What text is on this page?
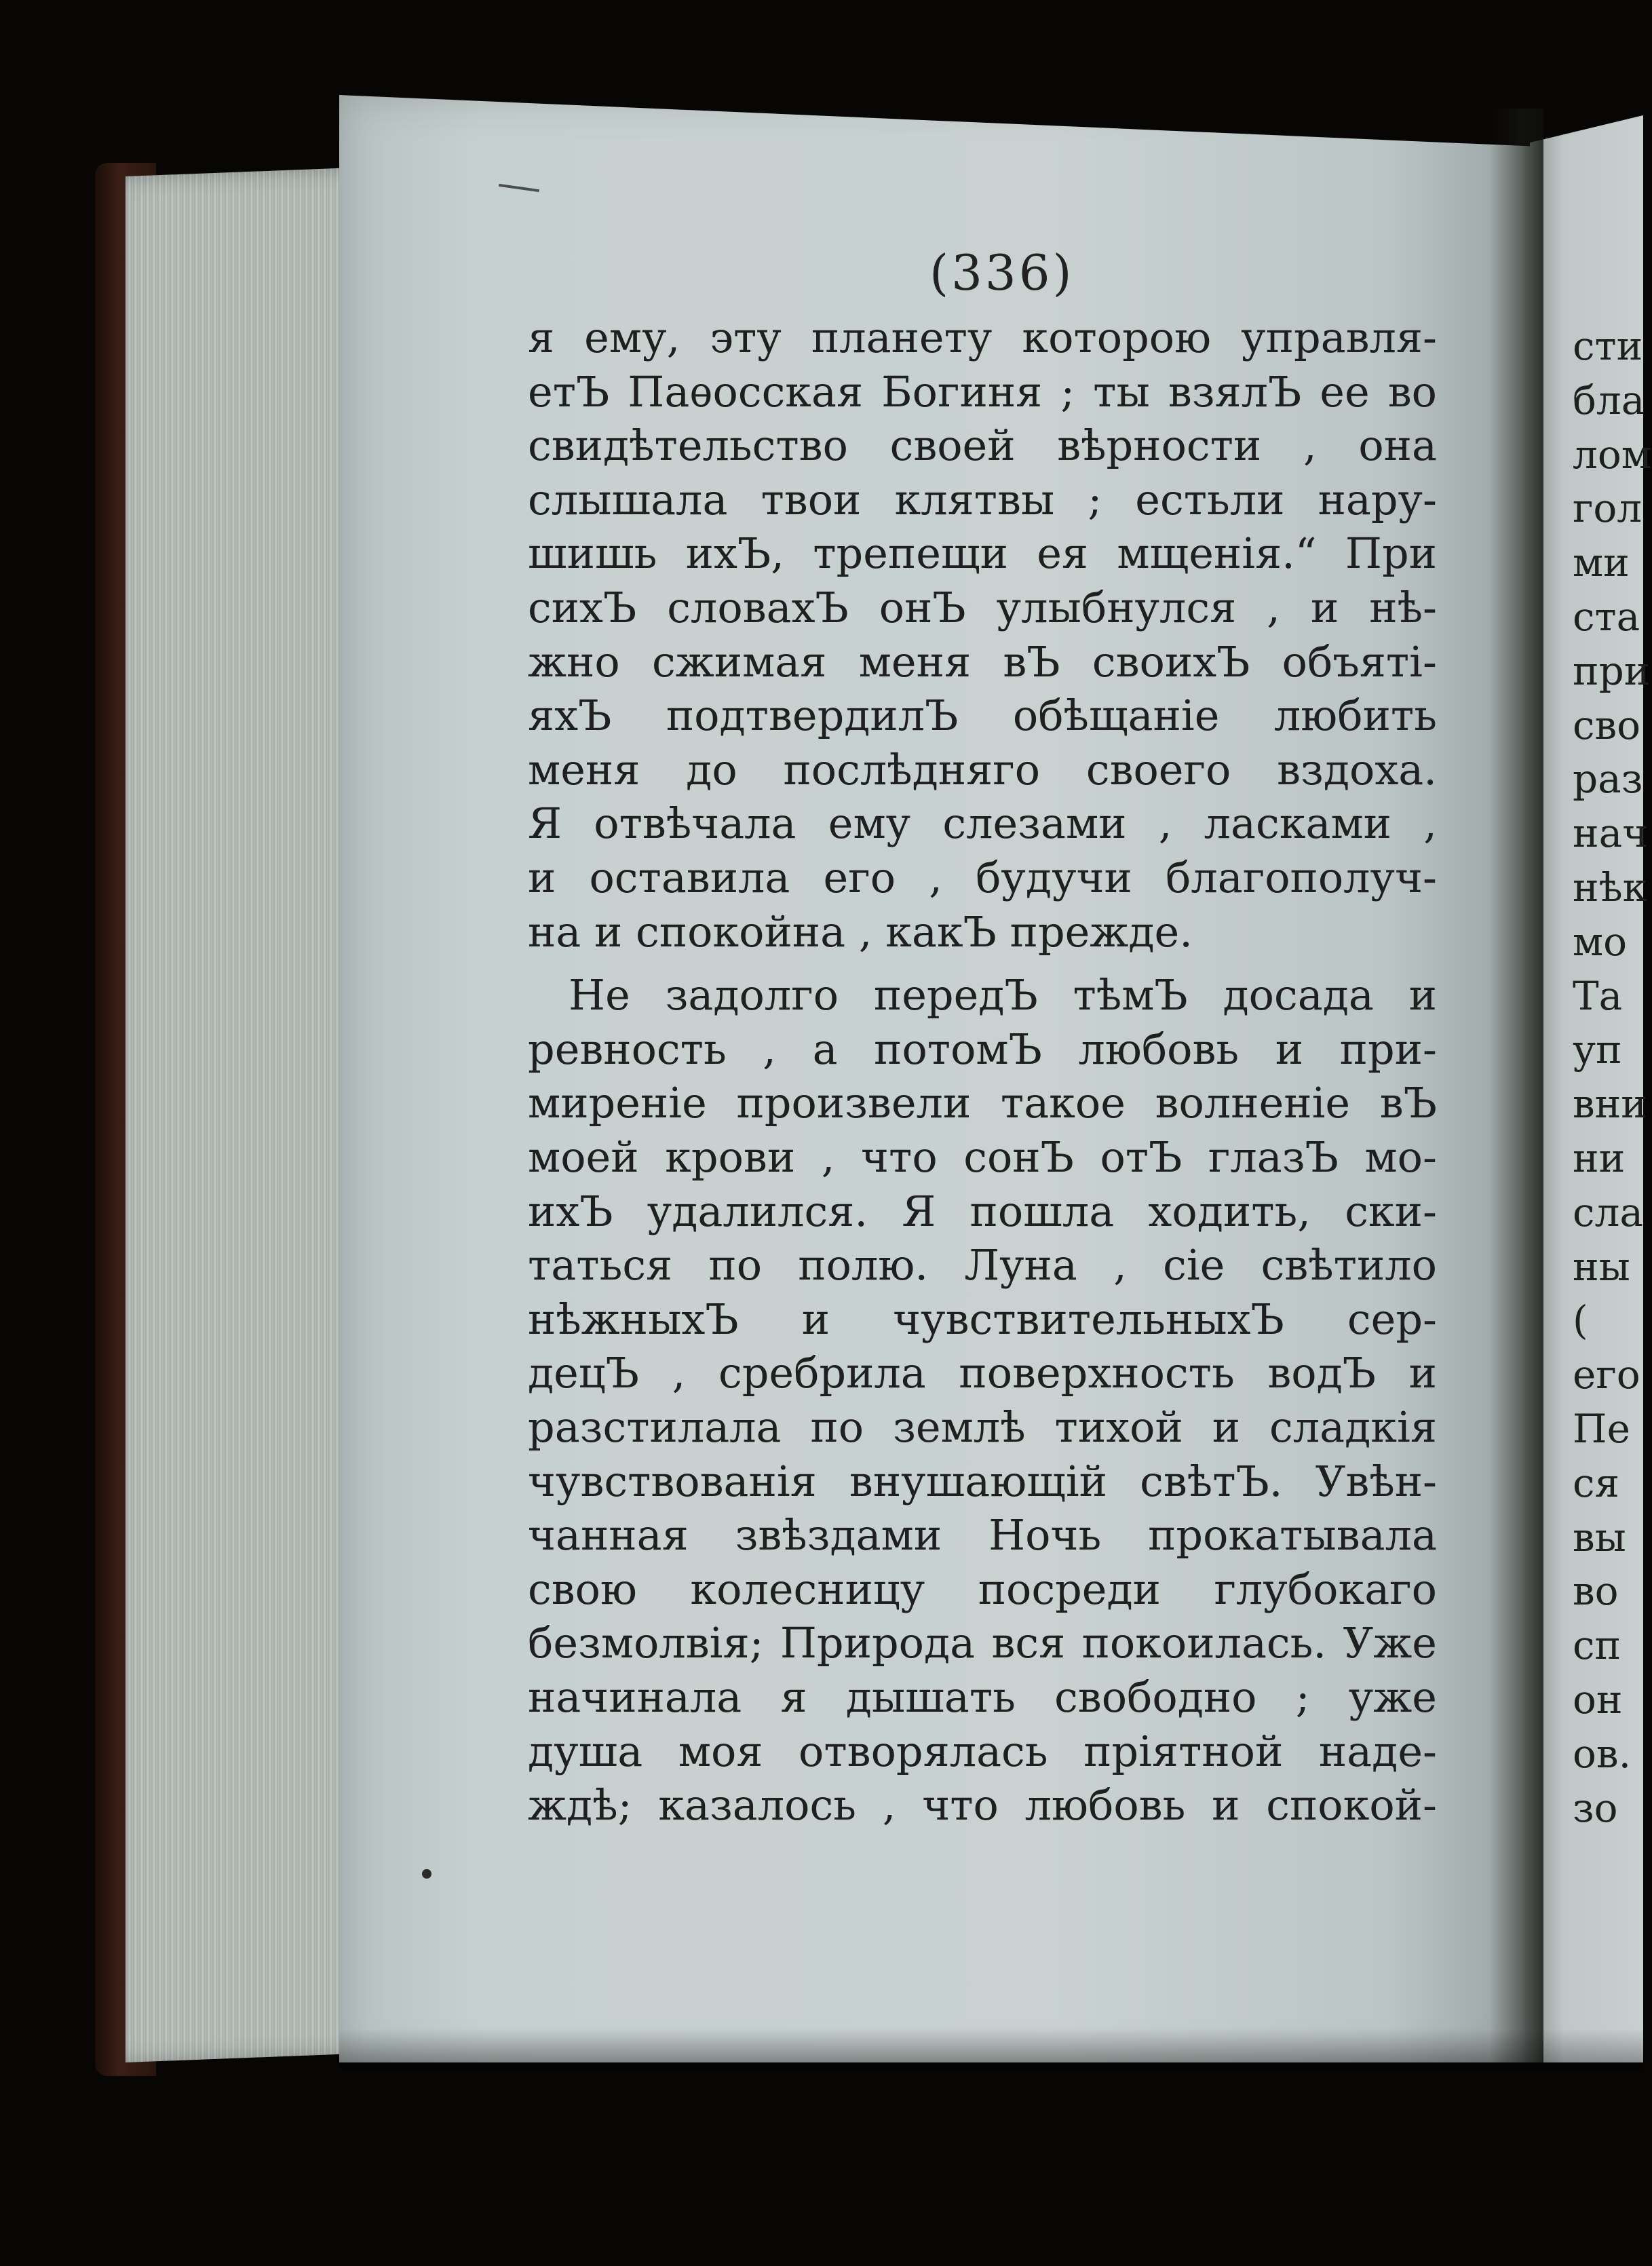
(336)
я ему, эту планету которою управля-
етЪ Паѳосская Богиня ; ты взялЪ ее во
свидѣтельство своей вѣрности , она
слышала твои клятвы ; естьли нару-
шишь ихЪ, трепещи ея мщенія.“ При
сихЪ словахЪ онЪ улыбнулся , и нѣ-
жно сжимая меня вЪ своихЪ объяті-
яхЪ подтвердилЪ обѣщаніе любить
меня до послѣдняго своего вздоха.
Я отвѣчала ему слезами , ласками ,
и оставила его , будучи благополуч-
на и спокойна , какЪ прежде.
Не задолго передЪ тѣмЪ досада и
ревность , а потомЪ любовь и при-
миреніе произвели такое волненіе вЪ
моей крови , что сонЪ отЪ глазЪ мо-
ихЪ удалился. Я пошла ходить, ски-
таться по полю. Луна , сіе свѣтило
нѣжныхЪ и чувствительныхЪ сер-
децЪ , сребрила поверхность водЪ и
разстилала по землѣ тихой и сладкія
чувствованія внушающій свѣтЪ. Увѣн-
чанная звѣздами Ночь прокатывала
свою колесницу посреди глубокаго
безмолвія; Природа вся покоилась. Уже
начинала я дышать свободно ; уже
душа моя отворялась пріятной наде-
ждѣ; казалось , что любовь и спокой-
сти
бла
лом
гол
ми
ста
при
сво
раз
нач
нѣк
мо
Та
уп
вни
ни
сла
ны
(
его
Пе
ся
вы
во
сп
он
ов.
зо
